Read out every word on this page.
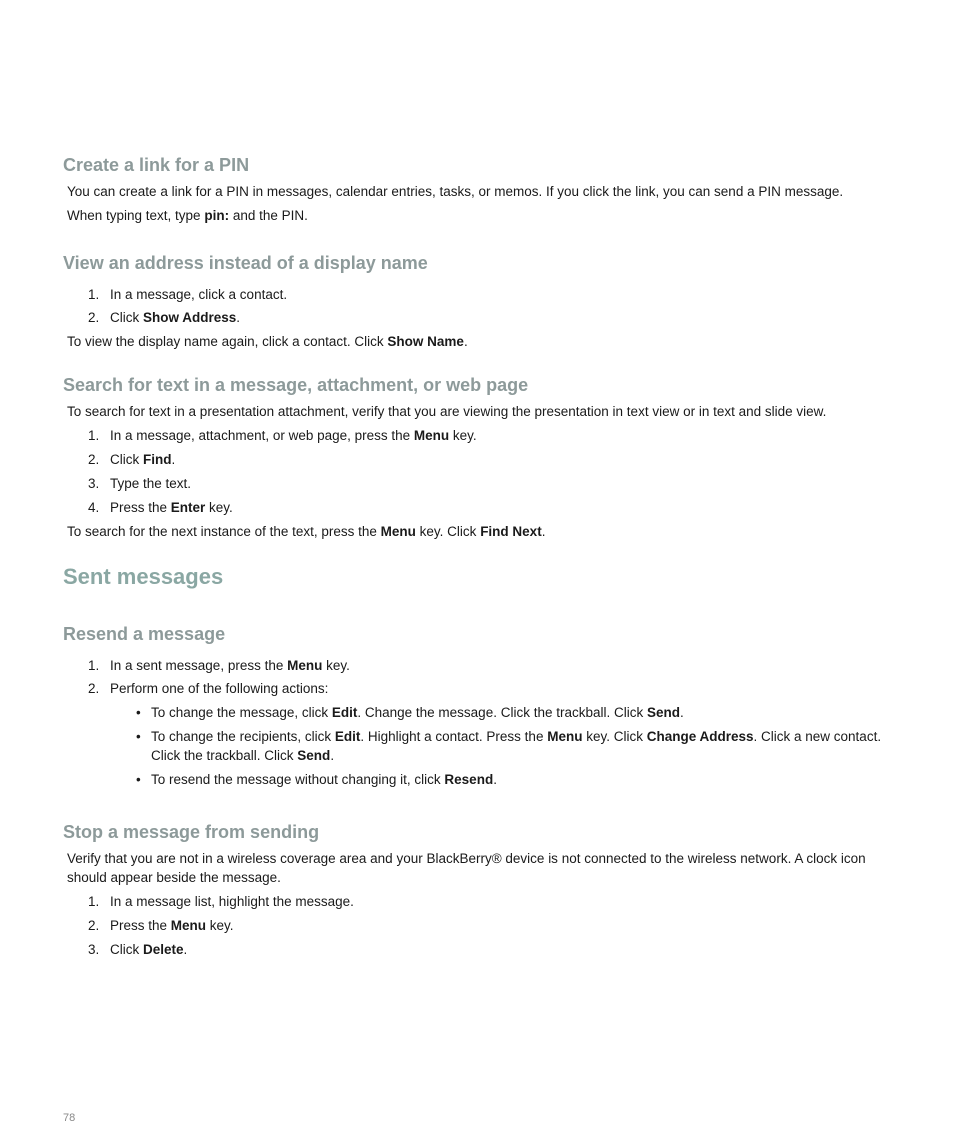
Create a link for a PIN
You can create a link for a PIN in messages, calendar entries, tasks, or memos. If you click the link, you can send a PIN message.
When typing text, type pin: and the PIN.
View an address instead of a display name
1. In a message, click a contact.
2. Click Show Address.
To view the display name again, click a contact. Click Show Name.
Search for text in a message, attachment, or web page
To search for text in a presentation attachment, verify that you are viewing the presentation in text view or in text and slide view.
1. In a message, attachment, or web page, press the Menu key.
2. Click Find.
3. Type the text.
4. Press the Enter key.
To search for the next instance of the text, press the Menu key. Click Find Next.
Sent messages
Resend a message
1. In a sent message, press the Menu key.
2. Perform one of the following actions:
• To change the message, click Edit. Change the message. Click the trackball. Click Send.
• To change the recipients, click Edit. Highlight a contact. Press the Menu key. Click Change Address. Click a new contact. Click the trackball. Click Send.
• To resend the message without changing it, click Resend.
Stop a message from sending
Verify that you are not in a wireless coverage area and your BlackBerry® device is not connected to the wireless network. A clock icon should appear beside the message.
1. In a message list, highlight the message.
2. Press the Menu key.
3. Click Delete.
78
